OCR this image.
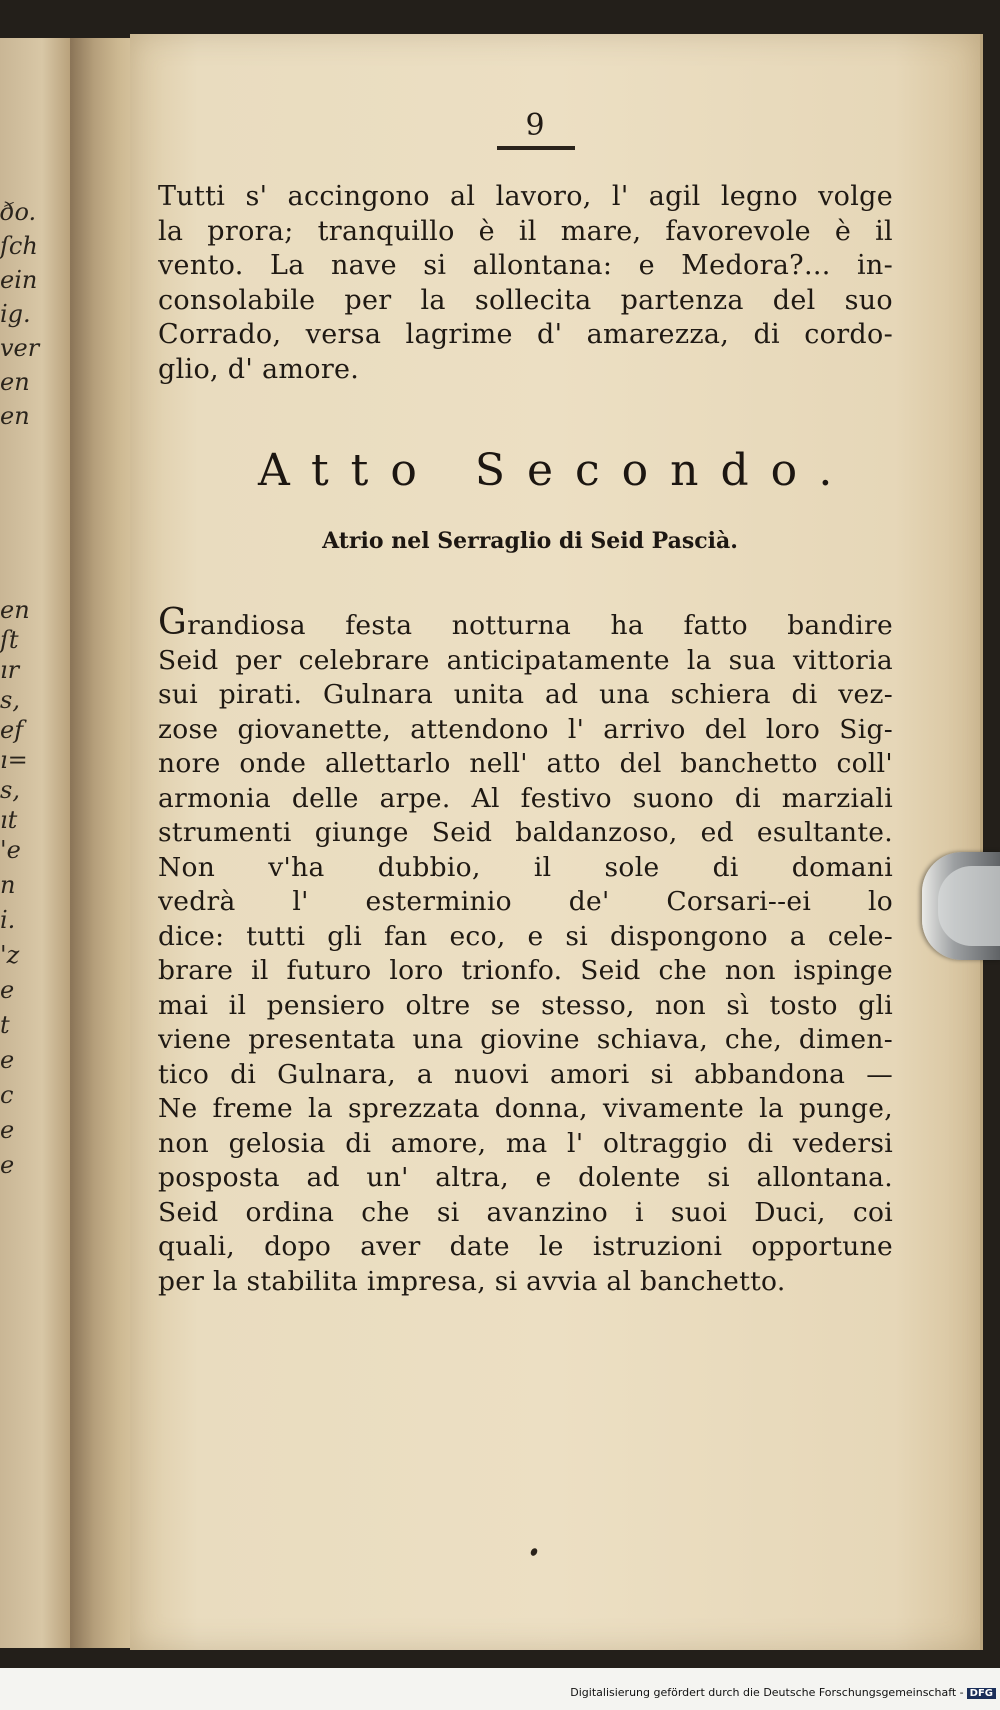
ðo.
ſch
ein
ig.
ver
en
en
en
ſt
ır
s,
ef
ı=
s,
ıt
'e
n
i.
'z
e
t
e
c
e
e
9
Tutti s' accingono al lavoro, l' agil legno volge
la prora; tranquillo è il mare, favorevole è il
vento. La nave si allontana: e Medora?... in-
consolabile per la sollecita partenza del suo
Corrado, versa lagrime d' amarezza, di cordo-
glio, d' amore.
Atto Secondo.
Atrio nel Serraglio di Seid Pascià.
Grandiosa festa notturna ha fatto bandire
Seid per celebrare anticipatamente la sua vittoria
sui pirati. Gulnara unita ad una schiera di vez-
zose giovanette, attendono l' arrivo del loro Sig-
nore onde allettarlo nell' atto del banchetto coll'
armonia delle arpe. Al festivo suono di marziali
strumenti giunge Seid baldanzoso, ed esultante.
Non v'ha dubbio, il sole di domani
vedrà l' esterminio de' Corsari--ei lo
dice: tutti gli fan eco, e si dispongono a cele-
brare il futuro loro trionfo. Seid che non ispinge
mai il pensiero oltre se stesso, non sì tosto gli
viene presentata una giovine schiava, che, dimen-
tico di Gulnara, a nuovi amori si abbandona —
Ne freme la sprezzata donna, vivamente la punge,
non gelosia di amore, ma l' oltraggio di vedersi
posposta ad un' altra, e dolente si allontana.
Seid ordina che si avanzino i suoi Duci, coi
quali, dopo aver date le istruzioni opportune
per la stabilita impresa, si avvia al banchetto.
Digitalisierung gefördert durch die Deutsche Forschungsgemeinschaft - DFG
